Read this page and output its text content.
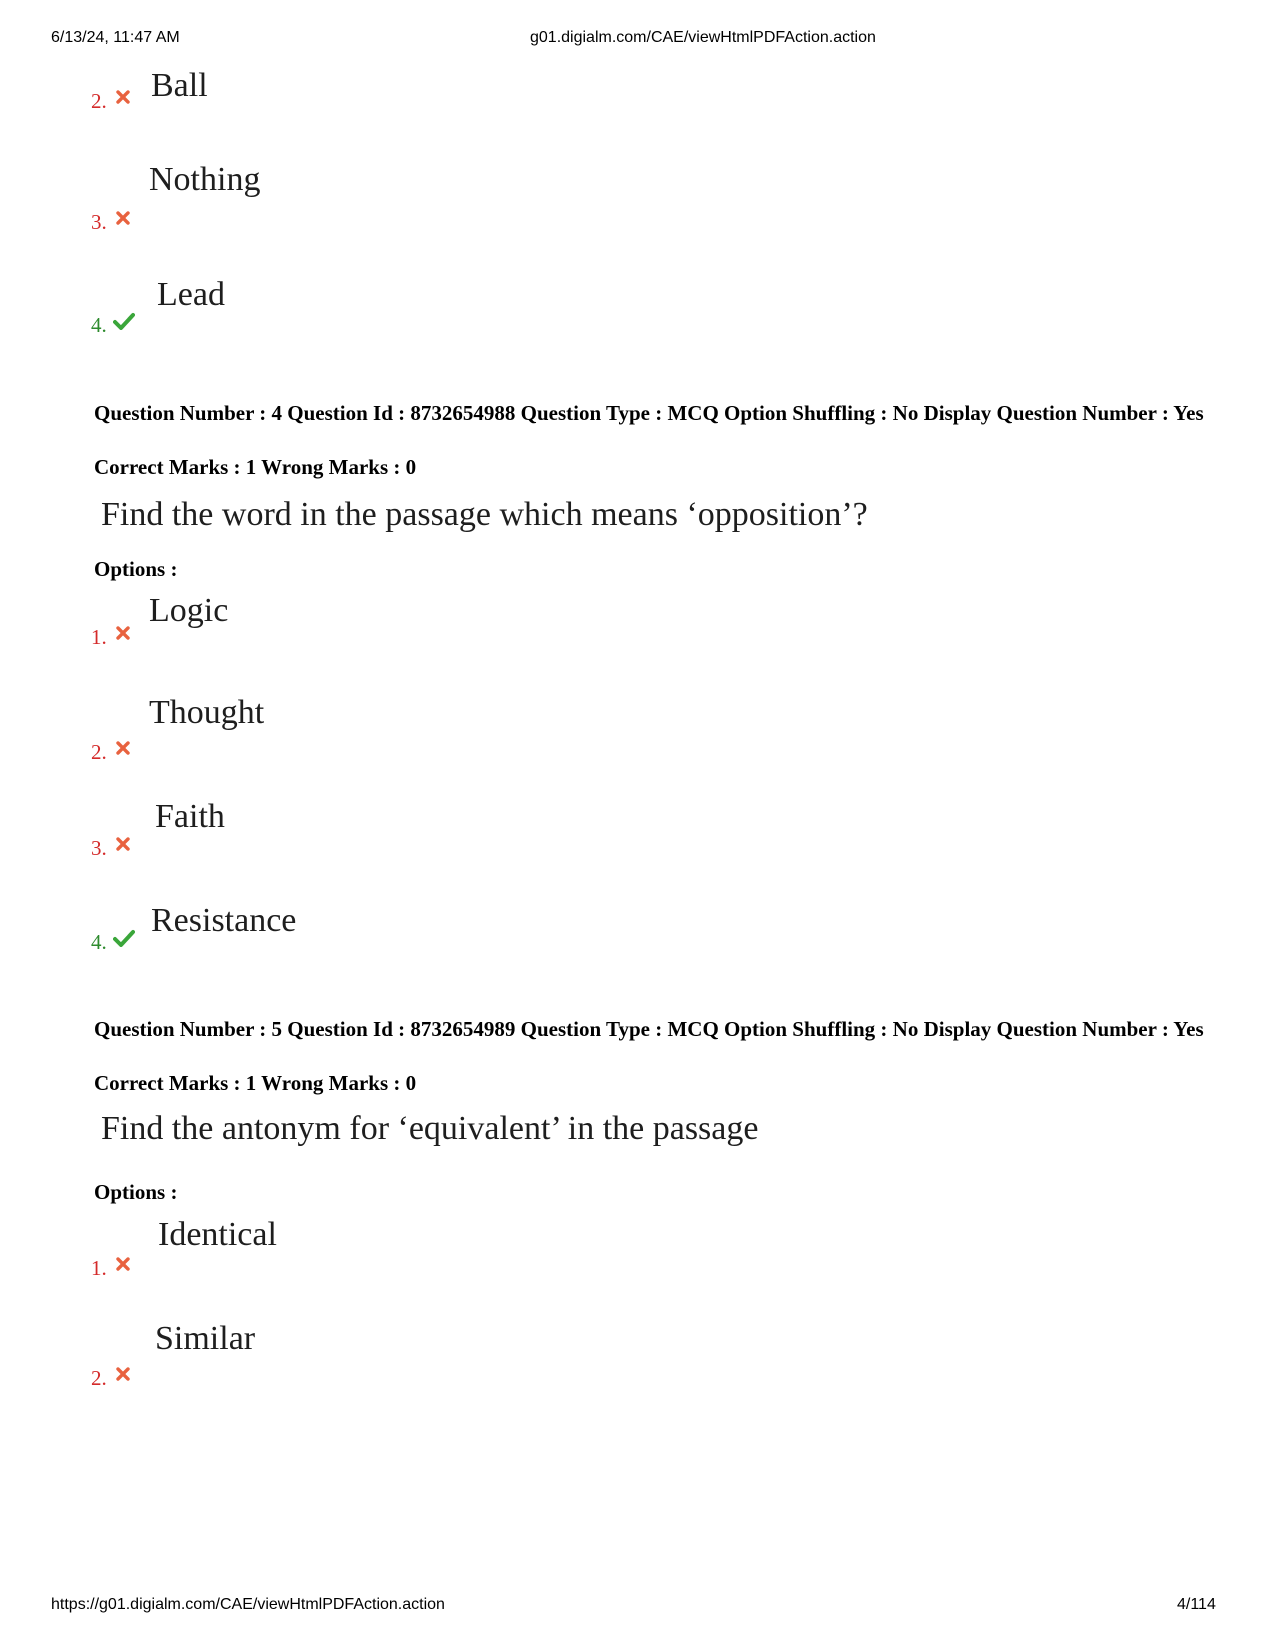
6/13/24, 11:47 AM	g01.digialm.com/CAE/viewHtmlPDFAction.action
2. Ball
3.
Nothing
4.
Lead
Question Number : 4 Question Id : 8732654988 Question Type : MCQ Option Shuffling : No Display Question Number : Yes
Correct Marks : 1 Wrong Marks : 0
Find the word in the passage which means ‘opposition’?
Options :
1.
Logic
2.
Thought
3.
Faith
4.
Resistance
Question Number : 5 Question Id : 8732654989 Question Type : MCQ Option Shuffling : No Display Question Number : Yes
Correct Marks : 1 Wrong Marks : 0
Find the antonym for ‘equivalent’ in the passage
Options :
1.
Identical
2.
Similar
https://g01.digialm.com/CAE/viewHtmlPDFAction.action	4/114
